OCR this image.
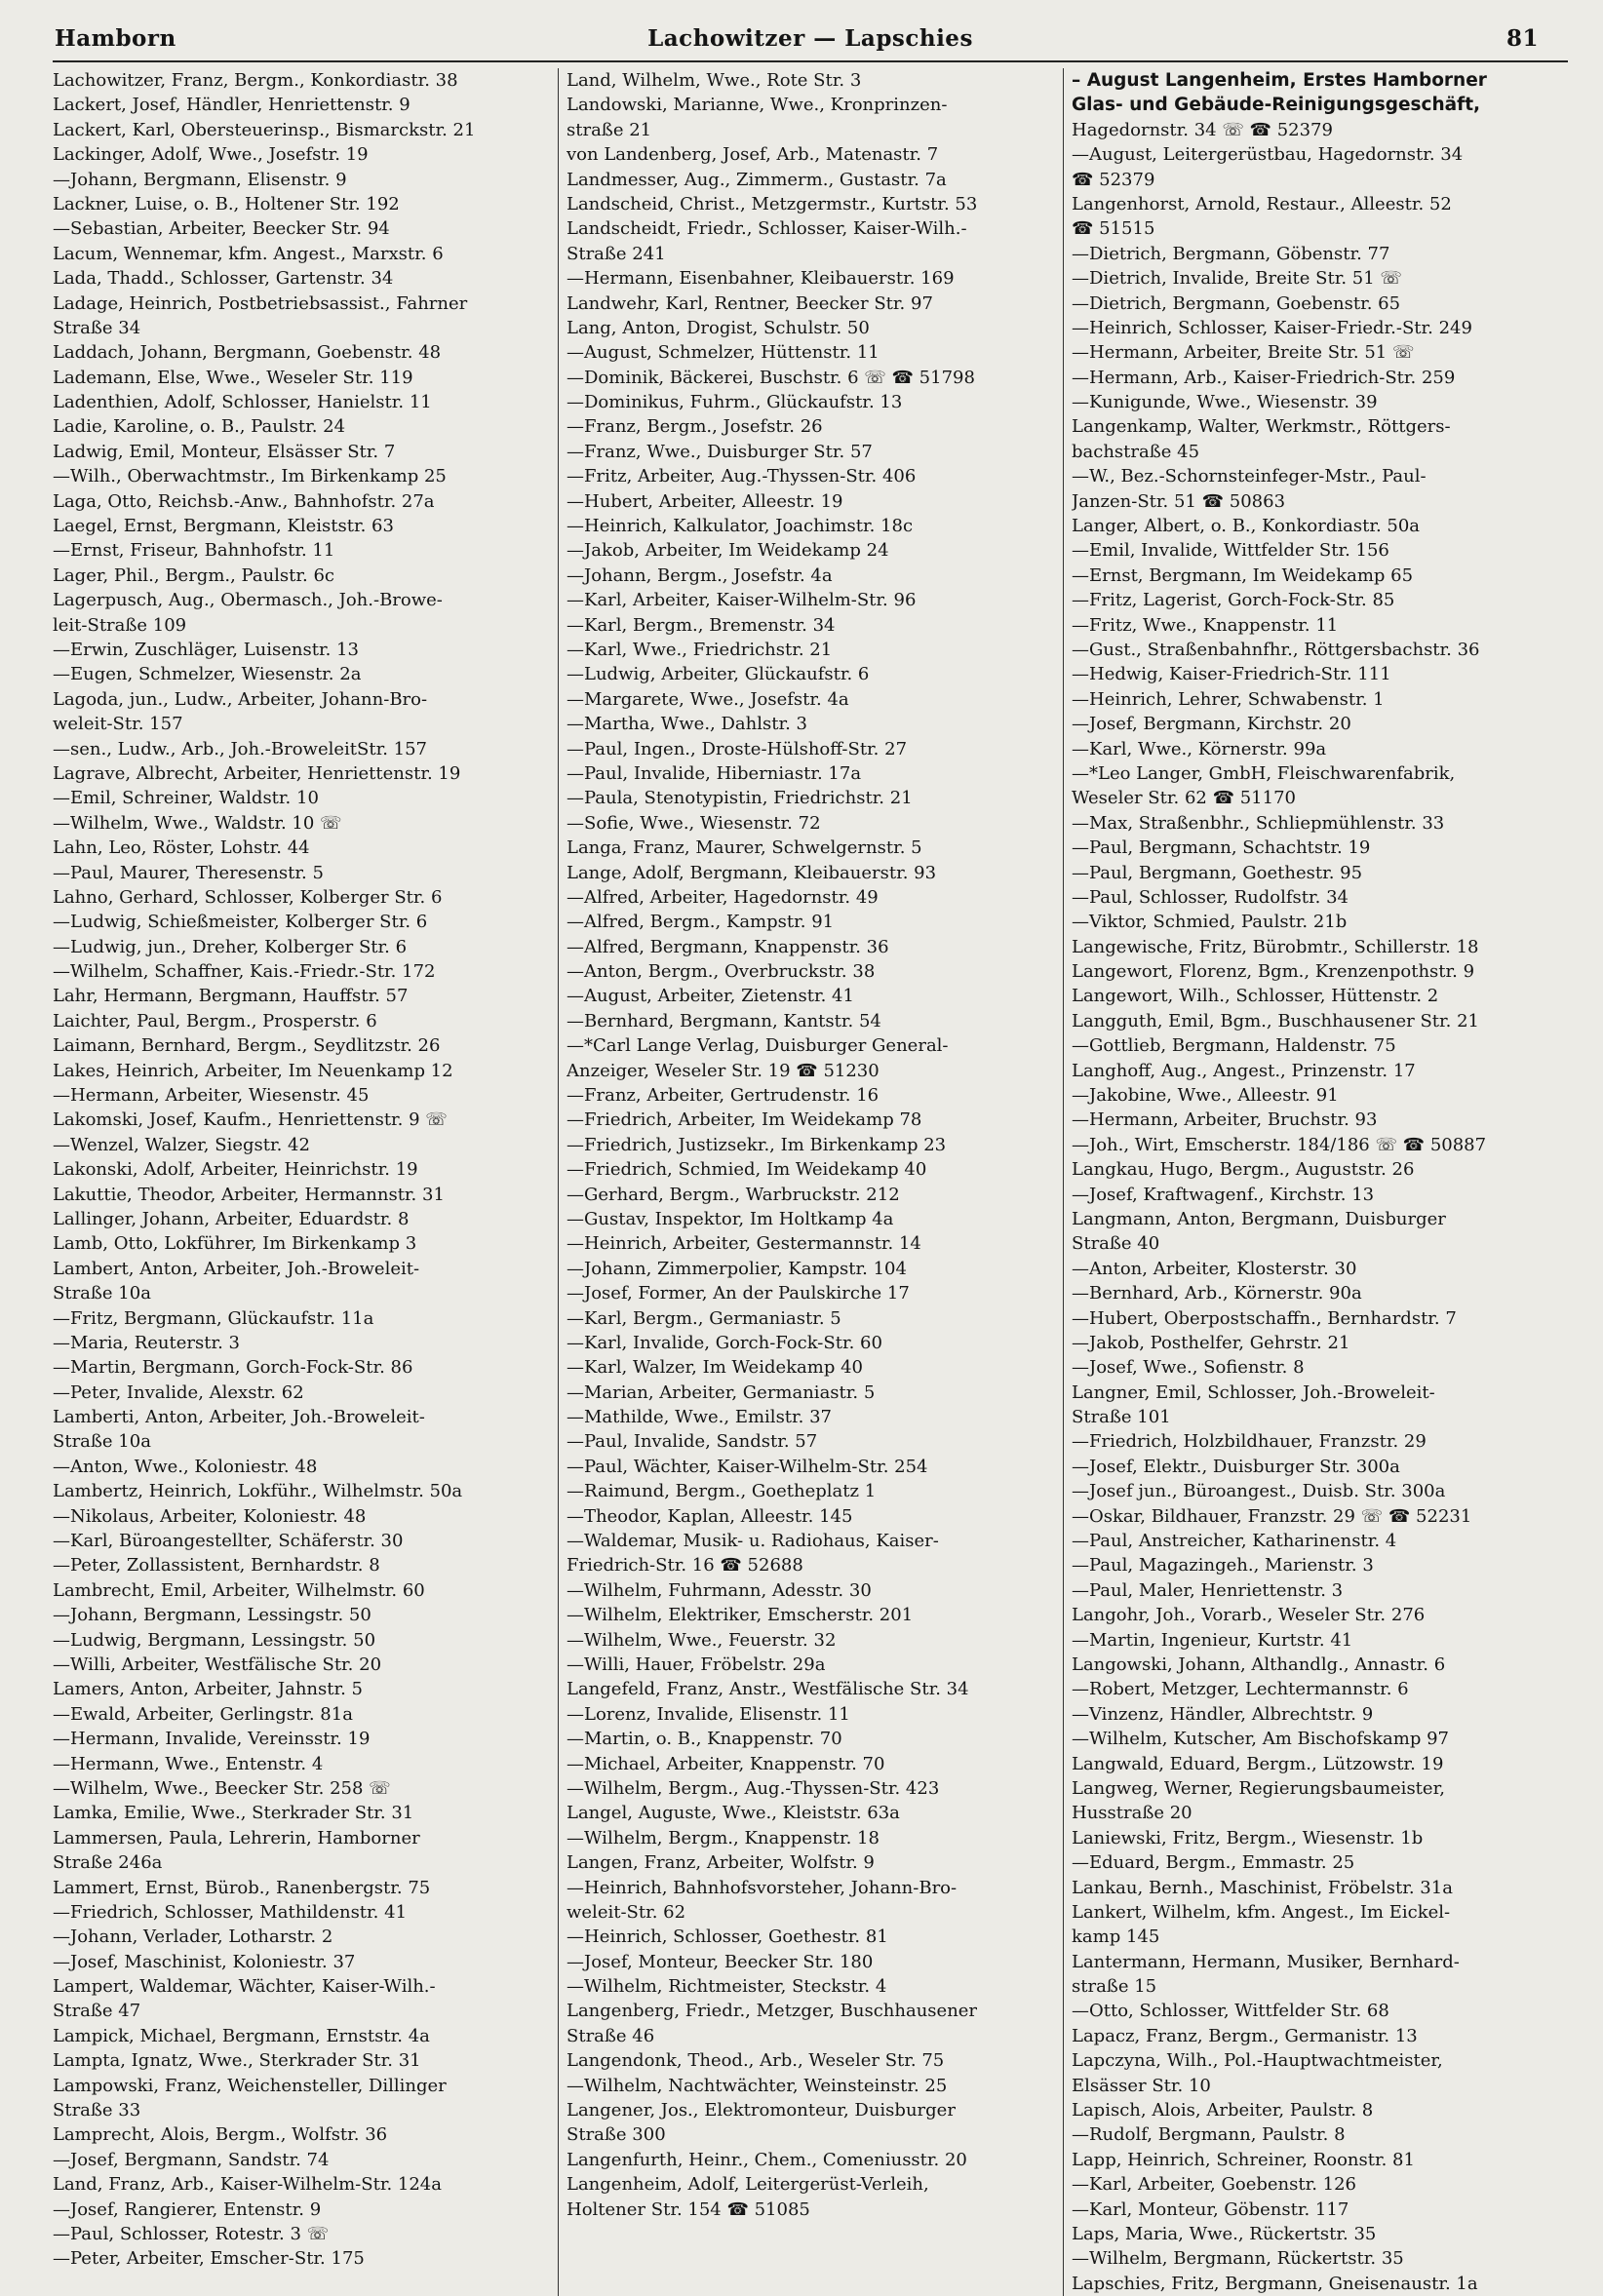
Hamborn	Lachowitzer — Lapschies	81
Lachowitzer, Franz, Bergm., Konkordiastr. 38
Lackert, Josef, Händler, Henriettenstr. 9
Lackert, Karl, Obersteuerinsp., Bismarckstr. 21
Lackinger, Adolf, Wwe., Josefstr. 19
—Johann, Bergmann, Elisenstr. 9
Lackner, Luise, o. B., Holtener Str. 192
—Sebastian, Arbeiter, Beecker Str. 94
Lacum, Wennemar, kfm. Angest., Marxstr. 6
Lada, Thadd., Schlosser, Gartenstr. 34
Ladage, Heinrich, Postbetriebsassist., Fahrner
Straße 34
Laddach, Johann, Bergmann, Goebenstr. 48
Lademann, Else, Wwe., Weseler Str. 119
Ladenthien, Adolf, Schlosser, Hanielstr. 11
Ladie, Karoline, o. B., Paulstr. 24
Ladwig, Emil, Monteur, Elsässer Str. 7
—Wilh., Oberwachtmstr., Im Birkenkamp 25
Laga, Otto, Reichsb.-Anw., Bahnhofstr. 27a
Laegel, Ernst, Bergmann, Kleiststr. 63
—Ernst, Friseur, Bahnhofstr. 11
Lager, Phil., Bergm., Paulstr. 6c
Lagerpusch, Aug., Obermasch., Joh.-Browe-
leit-Straße 109
—Erwin, Zuschläger, Luisenstr. 13
—Eugen, Schmelzer, Wiesenstr. 2a
Lagoda, jun., Ludw., Arbeiter, Johann-Bro-
weleit-Str. 157
—sen., Ludw., Arb., Joh.-BroweleitStr. 157
Lagrave, Albrecht, Arbeiter, Henriettenstr. 19
—Emil, Schreiner, Waldstr. 10
—Wilhelm, Wwe., Waldstr. 10 ☏
Lahn, Leo, Röster, Lohstr. 44
—Paul, Maurer, Theresenstr. 5
Lahno, Gerhard, Schlosser, Kolberger Str. 6
—Ludwig, Schießmeister, Kolberger Str. 6
—Ludwig, jun., Dreher, Kolberger Str. 6
—Wilhelm, Schaffner, Kais.-Friedr.-Str. 172
Lahr, Hermann, Bergmann, Hauffstr. 57
Laichter, Paul, Bergm., Prosperstr. 6
Laimann, Bernhard, Bergm., Seydlitzstr. 26
Lakes, Heinrich, Arbeiter, Im Neuenkamp 12
—Hermann, Arbeiter, Wiesenstr. 45
Lakomski, Josef, Kaufm., Henriettenstr. 9 ☏
—Wenzel, Walzer, Siegstr. 42
Lakonski, Adolf, Arbeiter, Heinrichstr. 19
Lakuttie, Theodor, Arbeiter, Hermannstr. 31
Lallinger, Johann, Arbeiter, Eduardstr. 8
Lamb, Otto, Lokführer, Im Birkenkamp 3
Lambert, Anton, Arbeiter, Joh.-Broweleit-
Straße 10a
—Fritz, Bergmann, Glückaufstr. 11a
—Maria, Reuterstr. 3
—Martin, Bergmann, Gorch-Fock-Str. 86
—Peter, Invalide, Alexstr. 62
Lamberti, Anton, Arbeiter, Joh.-Broweleit-
Straße 10a
—Anton, Wwe., Koloniestr. 48
Lambertz, Heinrich, Lokführ., Wilhelmstr. 50a
—Nikolaus, Arbeiter, Koloniestr. 48
—Karl, Büroangestellter, Schäferstr. 30
—Peter, Zollassistent, Bernhardstr. 8
Lambrecht, Emil, Arbeiter, Wilhelmstr. 60
—Johann, Bergmann, Lessingstr. 50
—Ludwig, Bergmann, Lessingstr. 50
—Willi, Arbeiter, Westfälische Str. 20
Lamers, Anton, Arbeiter, Jahnstr. 5
—Ewald, Arbeiter, Gerlingstr. 81a
—Hermann, Invalide, Vereinsstr. 19
—Hermann, Wwe., Entenstr. 4
—Wilhelm, Wwe., Beecker Str. 258 ☏
Lamka, Emilie, Wwe., Sterkrader Str. 31
Lammersen, Paula, Lehrerin, Hamborner
Straße 246a
Lammert, Ernst, Bürob., Ranenbergstr. 75
—Friedrich, Schlosser, Mathildenstr. 41
—Johann, Verlader, Lotharstr. 2
—Josef, Maschinist, Koloniestr. 37
Lampert, Waldemar, Wächter, Kaiser-Wilh.-
Straße 47
Lampick, Michael, Bergmann, Ernststr. 4a
Lampta, Ignatz, Wwe., Sterkrader Str. 31
Lampowski, Franz, Weichensteller, Dillinger
Straße 33
Lamprecht, Alois, Bergm., Wolfstr. 36
—Josef, Bergmann, Sandstr. 74
Land, Franz, Arb., Kaiser-Wilhelm-Str. 124a
—Josef, Rangierer, Entenstr. 9
—Paul, Schlosser, Rotestr. 3 ☏
—Peter, Arbeiter, Emscher-Str. 175
Land, Wilhelm, Wwe., Rote Str. 3
Landowski, Marianne, Wwe., Kronprinzen-
straße 21
von Landenberg, Josef, Arb., Matenastr. 7
Landmesser, Aug., Zimmerm., Gustastr. 7a
Landscheid, Christ., Metzgermstr., Kurtstr. 53
Landscheidt, Friedr., Schlosser, Kaiser-Wilh.-
Straße 241
—Hermann, Eisenbahner, Kleibauerstr. 169
Landwehr, Karl, Rentner, Beecker Str. 97
Lang, Anton, Drogist, Schulstr. 50
—August, Schmelzer, Hüttenstr. 11
—Dominik, Bäckerei, Buschstr. 6 ☏ ☎ 51798
—Dominikus, Fuhrm., Glückaufstr. 13
—Franz, Bergm., Josefstr. 26
—Franz, Wwe., Duisburger Str. 57
—Fritz, Arbeiter, Aug.-Thyssen-Str. 406
—Hubert, Arbeiter, Alleestr. 19
—Heinrich, Kalkulator, Joachimstr. 18c
—Jakob, Arbeiter, Im Weidekamp 24
—Johann, Bergm., Josefstr. 4a
—Karl, Arbeiter, Kaiser-Wilhelm-Str. 96
—Karl, Bergm., Bremenstr. 34
—Karl, Wwe., Friedrichstr. 21
—Ludwig, Arbeiter, Glückaufstr. 6
—Margarete, Wwe., Josefstr. 4a
—Martha, Wwe., Dahlstr. 3
—Paul, Ingen., Droste-Hülshoff-Str. 27
—Paul, Invalide, Hiberniastr. 17a
—Paula, Stenotypistin, Friedrichstr. 21
—Sofie, Wwe., Wiesenstr. 72
Langa, Franz, Maurer, Schwelgernstr. 5
Lange, Adolf, Bergmann, Kleibauerstr. 93
—Alfred, Arbeiter, Hagedornstr. 49
—Alfred, Bergm., Kampstr. 91
—Alfred, Bergmann, Knappenstr. 36
—Anton, Bergm., Overbruckstr. 38
—August, Arbeiter, Zietenstr. 41
—Bernhard, Bergmann, Kantstr. 54
—*Carl Lange Verlag, Duisburger General-
Anzeiger, Weseler Str. 19 ☎ 51230
—Franz, Arbeiter, Gertrudenstr. 16
—Friedrich, Arbeiter, Im Weidekamp 78
—Friedrich, Justizsekr., Im Birkenkamp 23
—Friedrich, Schmied, Im Weidekamp 40
—Gerhard, Bergm., Warbruckstr. 212
—Gustav, Inspektor, Im Holtkamp 4a
—Heinrich, Arbeiter, Gestermannstr. 14
—Johann, Zimmerpolier, Kampstr. 104
—Josef, Former, An der Paulskirche 17
—Karl, Bergm., Germaniastr. 5
—Karl, Invalide, Gorch-Fock-Str. 60
—Karl, Walzer, Im Weidekamp 40
—Marian, Arbeiter, Germaniastr. 5
—Mathilde, Wwe., Emilstr. 37
—Paul, Invalide, Sandstr. 57
—Paul, Wächter, Kaiser-Wilhelm-Str. 254
—Raimund, Bergm., Goetheplatz 1
—Theodor, Kaplan, Alleestr. 145
—Waldemar, Musik- u. Radiohaus, Kaiser-
Friedrich-Str. 16 ☎ 52688
—Wilhelm, Fuhrmann, Adesstr. 30
—Wilhelm, Elektriker, Emscherstr. 201
—Wilhelm, Wwe., Feuerstr. 32
—Willi, Hauer, Fröbelstr. 29a
Langefeld, Franz, Anstr., Westfälische Str. 34
—Lorenz, Invalide, Elisenstr. 11
—Martin, o. B., Knappenstr. 70
—Michael, Arbeiter, Knappenstr. 70
—Wilhelm, Bergm., Aug.-Thyssen-Str. 423
Langel, Auguste, Wwe., Kleiststr. 63a
—Wilhelm, Bergm., Knappenstr. 18
Langen, Franz, Arbeiter, Wolfstr. 9
—Heinrich, Bahnhofsvorsteher, Johann-Bro-
weleit-Str. 62
—Heinrich, Schlosser, Goethestr. 81
—Josef, Monteur, Beecker Str. 180
—Wilhelm, Richtmeister, Steckstr. 4
Langenberg, Friedr., Metzger, Buschhausener
Straße 46
Langendonk, Theod., Arb., Weseler Str. 75
—Wilhelm, Nachtwächter, Weinsteinstr. 25
Langener, Jos., Elektromonteur, Duisburger
Straße 300
Langenfurth, Heinr., Chem., Comeniusstr. 20
Langenheim, Adolf, Leitergerüst-Verleih,
Holtener Str. 154 ☎ 51085
– August Langenheim, Erstes Hamborner
Glas- und Gebäude-Reinigungsgeschäft,
Hagedornstr. 34 ☏ ☎ 52379
—August, Leitergerüstbau, Hagedornstr. 34
☎ 52379
Langenhorst, Arnold, Restaur., Alleestr. 52
☎ 51515
—Dietrich, Bergmann, Göbenstr. 77
—Dietrich, Invalide, Breite Str. 51 ☏
—Dietrich, Bergmann, Goebenstr. 65
—Heinrich, Schlosser, Kaiser-Friedr.-Str. 249
—Hermann, Arbeiter, Breite Str. 51 ☏
—Hermann, Arb., Kaiser-Friedrich-Str. 259
—Kunigunde, Wwe., Wiesenstr. 39
Langenkamp, Walter, Werkmstr., Röttgers-
bachstraße 45
—W., Bez.-Schornsteinfeger-Mstr., Paul-
Janzen-Str. 51 ☎ 50863
Langer, Albert, o. B., Konkordiastr. 50a
—Emil, Invalide, Wittfelder Str. 156
—Ernst, Bergmann, Im Weidekamp 65
—Fritz, Lagerist, Gorch-Fock-Str. 85
—Fritz, Wwe., Knappenstr. 11
—Gust., Straßenbahnfhr., Röttgersbachstr. 36
—Hedwig, Kaiser-Friedrich-Str. 111
—Heinrich, Lehrer, Schwabenstr. 1
—Josef, Bergmann, Kirchstr. 20
—Karl, Wwe., Körnerstr. 99a
—*Leo Langer, GmbH, Fleischwarenfabrik,
Weseler Str. 62 ☎ 51170
—Max, Straßenbhr., Schliepmühlenstr. 33
—Paul, Bergmann, Schachtstr. 19
—Paul, Bergmann, Goethestr. 95
—Paul, Schlosser, Rudolfstr. 34
—Viktor, Schmied, Paulstr. 21b
Langewische, Fritz, Bürobmtr., Schillerstr. 18
Langewort, Florenz, Bgm., Krenzenpothstr. 9
Langewort, Wilh., Schlosser, Hüttenstr. 2
Langguth, Emil, Bgm., Buschhausener Str. 21
—Gottlieb, Bergmann, Haldenstr. 75
Langhoff, Aug., Angest., Prinzenstr. 17
—Jakobine, Wwe., Alleestr. 91
—Hermann, Arbeiter, Bruchstr. 93
—Joh., Wirt, Emscherstr. 184/186 ☏ ☎ 50887
Langkau, Hugo, Bergm., Auguststr. 26
—Josef, Kraftwagenf., Kirchstr. 13
Langmann, Anton, Bergmann, Duisburger
Straße 40
—Anton, Arbeiter, Klosterstr. 30
—Bernhard, Arb., Körnerstr. 90a
—Hubert, Oberpostschaffn., Bernhardstr. 7
—Jakob, Posthelfer, Gehrstr. 21
—Josef, Wwe., Sofienstr. 8
Langner, Emil, Schlosser, Joh.-Broweleit-
Straße 101
—Friedrich, Holzbildhauer, Franzstr. 29
—Josef, Elektr., Duisburger Str. 300a
—Josef jun., Büroangest., Duisb. Str. 300a
—Oskar, Bildhauer, Franzstr. 29 ☏ ☎ 52231
—Paul, Anstreicher, Katharinenstr. 4
—Paul, Magazingeh., Marienstr. 3
—Paul, Maler, Henriettenstr. 3
Langohr, Joh., Vorarb., Weseler Str. 276
—Martin, Ingenieur, Kurtstr. 41
Langowski, Johann, Althandlg., Annastr. 6
—Robert, Metzger, Lechtermannstr. 6
—Vinzenz, Händler, Albrechtstr. 9
—Wilhelm, Kutscher, Am Bischofskamp 97
Langwald, Eduard, Bergm., Lützowstr. 19
Langweg, Werner, Regierungsbaumeister,
Husstraße 20
Laniewski, Fritz, Bergm., Wiesenstr. 1b
—Eduard, Bergm., Emmastr. 25
Lankau, Bernh., Maschinist, Fröbelstr. 31a
Lankert, Wilhelm, kfm. Angest., Im Eickel-
kamp 145
Lantermann, Hermann, Musiker, Bernhard-
straße 15
—Otto, Schlosser, Wittfelder Str. 68
Lapacz, Franz, Bergm., Germanistr. 13
Lapczyna, Wilh., Pol.-Hauptwachtmeister,
Elsässer Str. 10
Lapisch, Alois, Arbeiter, Paulstr. 8
—Rudolf, Bergmann, Paulstr. 8
Lapp, Heinrich, Schreiner, Roonstr. 81
—Karl, Arbeiter, Goebenstr. 126
—Karl, Monteur, Göbenstr. 117
Laps, Maria, Wwe., Rückertstr. 35
—Wilhelm, Bergmann, Rückertstr. 35
Lapschies, Fritz, Bergmann, Gneisenaustr. 1a
